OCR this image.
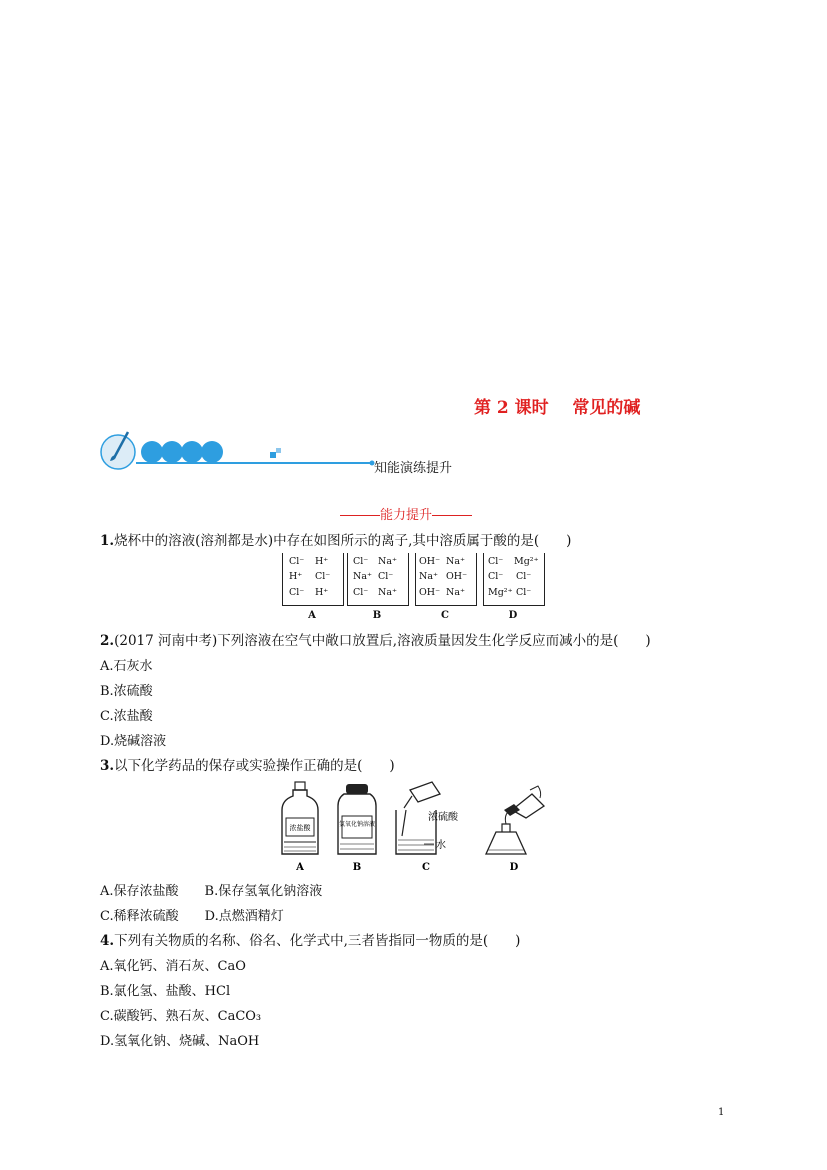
第 2 课时    常见的碱
知能演练提升
能力提升
1.烧杯中的溶液(溶剂都是水)中存在如图所示的离子,其中溶质属于酸的是(　　)
Cl⁻ H⁺
H⁺ Cl⁻
Cl⁻ H⁺
A
Cl⁻ Na⁺
Na⁺ Cl⁻
Cl⁻ Na⁺
B
OH⁻ Na⁺
Na⁺ OH⁻
OH⁻ Na⁺
C
Cl⁻ Mg²⁺
Cl⁻ Cl⁻
Mg²⁺ Cl⁻
D
2.(2017 河南中考)下列溶液在空气中敞口放置后,溶液质量因发生化学反应而减小的是(　　)
A.石灰水
B.浓硫酸
C.浓盐酸
D.烧碱溶液
3.以下化学药品的保存或实验操作正确的是(　　)
浓盐酸
A
氢氧化钠溶液
B
浓硫酸
水
C	D
A.保存浓盐酸　　B.保存氢氧化钠溶液
C.稀释浓硫酸　　D.点燃酒精灯
4.下列有关物质的名称、俗名、化学式中,三者皆指同一物质的是(　　)
A.氧化钙、消石灰、CaO
B.氯化氢、盐酸、HCl
C.碳酸钙、熟石灰、CaCO₃
D.氢氧化钠、烧碱、NaOH
1
